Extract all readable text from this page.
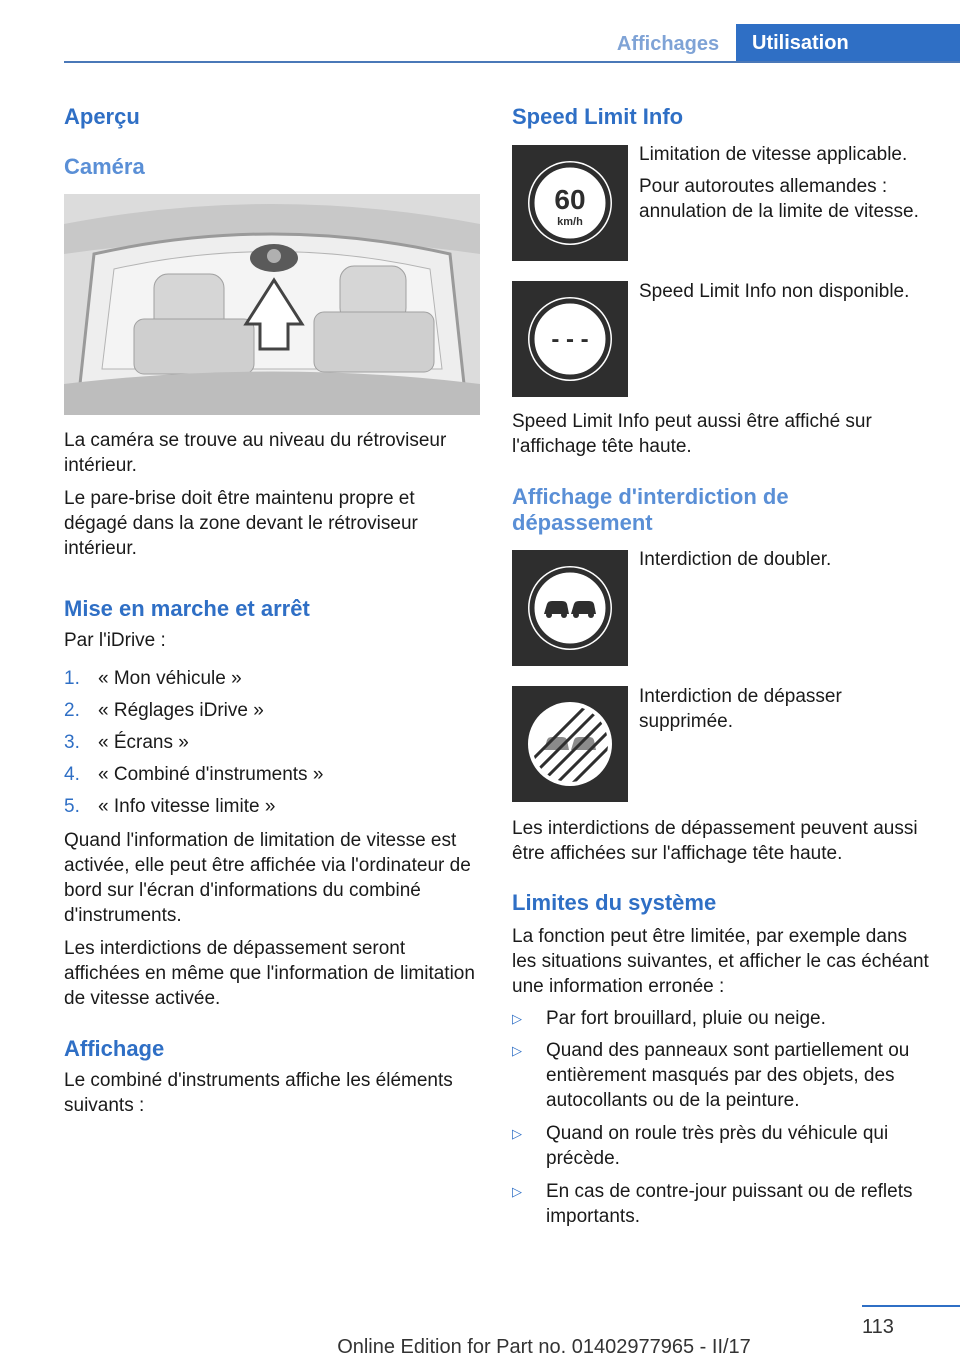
Affichages	Utilisation
Aperçu
Caméra
La caméra se trouve au niveau du rétroviseur intérieur.
Le pare-brise doit être maintenu propre et dégagé dans la zone devant le rétroviseur intérieur.
Mise en marche et arrêt
Par l'iDrive :
1. « Mon véhicule »
2. « Réglages iDrive »
3. « Écrans »
4. « Combiné d'instruments »
5. « Info vitesse limite »
Quand l'information de limitation de vitesse est activée, elle peut être affichée via l'ordinateur de bord sur l'écran d'informations du combiné d'instruments.
Les interdictions de dépassement seront affichées en même que l'information de limitation de vitesse activée.
Affichage
Le combiné d'instruments affiche les éléments suivants :
Speed Limit Info
60
km/h
Limitation de vitesse applicable.
Pour autoroutes allemandes : annulation de la limite de vitesse.
- - -
Speed Limit Info non disponible.
Speed Limit Info peut aussi être affiché sur l'affichage tête haute.
Affichage d'interdiction de dépassement
Interdiction de doubler.
Interdiction de dépasser supprimée.
Les interdictions de dépassement peuvent aussi être affichées sur l'affichage tête haute.
Limites du système
La fonction peut être limitée, par exemple dans les situations suivantes, et afficher le cas échéant une information erronée :
▷ Par fort brouillard, pluie ou neige.
▷ Quand des panneaux sont partiellement ou entièrement masqués par des objets, des autocollants ou de la peinture.
▷ Quand on roule très près du véhicule qui précède.
▷ En cas de contre-jour puissant ou de reflets importants.
113
Online Edition for Part no. 01402977965 - II/17
